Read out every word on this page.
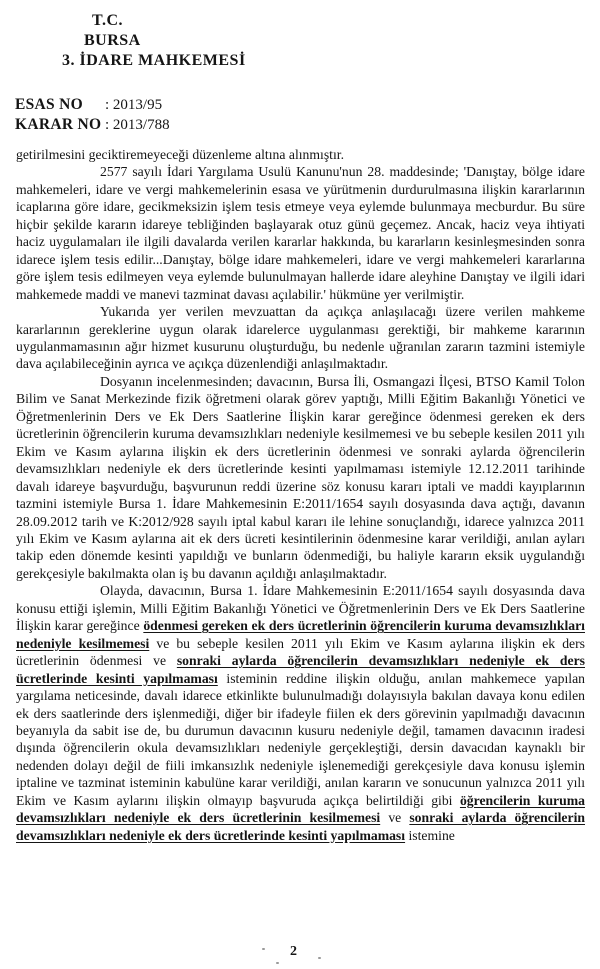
T.C.
BURSA
3. İDARE MAHKEMESİ
ESAS NO : 2013/95
KARAR NO : 2013/788

getirilmesini geciktiremeyeceği düzenleme altına alınmıştır.

2577 sayılı İdari Yargılama Usulü Kanunu'nun 28. maddesinde; 'Danıştay, bölge idare mahkemeleri, idare ve vergi mahkemelerinin esasa ve yürütmenin durdurulmasına ilişkin kararlarının icaplarına göre idare, gecikmeksizin işlem tesis etmeye veya eylemde bulunmaya mecburdur. Bu süre hiçbir şekilde kararın idareye tebliğinden başlayarak otuz günü geçemez. Ancak, haciz veya ihtiyati haciz uygulamaları ile ilgili davalarda verilen kararlar hakkında, bu kararların kesinleşmesinden sonra idarece işlem tesis edilir...Danıştay, bölge idare mahkemeleri, idare ve vergi mahkemeleri kararlarına göre işlem tesis edilmeyen veya eylemde bulunulmayan hallerde idare aleyhine Danıştay ve ilgili idari mahkemede maddi ve manevi tazminat davası açılabilir.' hükmüne yer verilmiştir.

Yukarıda yer verilen mevzuattan da açıkça anlaşılacağı üzere verilen mahkeme kararlarının gereklerine uygun olarak idarelerce uygulanması gerektiği, bir mahkeme kararının uygulanmamasının ağır hizmet kusurunu oluşturduğu, bu nedenle uğranılan zararın tazmini istemiyle dava açılabileceğinin ayrıca ve açıkça düzenlendiği anlaşılmaktadır.

Dosyanın incelenmesinden; davacının, Bursa İli, Osmangazi İlçesi, BTSO Kamil Tolon Bilim ve Sanat Merkezinde fizik öğretmeni olarak görev yaptığı, Milli Eğitim Bakanlığı Yönetici ve Öğretmenlerinin Ders ve Ek Ders Saatlerine İlişkin karar gereğince ödenmesi gereken ek ders ücretlerinin öğrencilerin kuruma devamsızlıkları nedeniyle kesilmemesi ve bu sebeple kesilen 2011 yılı Ekim ve Kasım aylarına ilişkin ek ders ücretlerinin ödenmesi ve sonraki aylarda öğrencilerin devamsızlıkları nedeniyle ek ders ücretlerinde kesinti yapılmaması istemiyle 12.12.2011 tarihinde davalı idareye başvurduğu, başvurunun reddi üzerine söz konusu kararı iptali ve maddi kayıplarının tazmini istemiyle Bursa 1. İdare Mahkemesinin E:2011/1654 sayılı dosyasında dava açtığı, davanın 28.09.2012 tarih ve K:2012/928 sayılı iptal kabul kararı ile lehine sonuçlandığı, idarece yalnızca 2011 yılı Ekim ve Kasım aylarına ait ek ders ücreti kesintilerinin ödenmesine karar verildiği, anılan ayları takip eden dönemde kesinti yapıldığı ve bunların ödenmediği, bu haliyle kararın eksik uygulandığı gerekçesiyle bakılmakta olan iş bu davanın açıldığı anlaşılmaktadır.

Olayda, davacının, Bursa 1. İdare Mahkemesinin E:2011/1654 sayılı dosyasında dava konusu ettiği işlemin, Milli Eğitim Bakanlığı Yönetici ve Öğretmenlerinin Ders ve Ek Ders Saatlerine İlişkin karar gereğince ödenmesi gereken ek ders ücretlerinin öğrencilerin kuruma devamsızlıkları nedeniyle kesilmemesi ve bu sebeple kesilen 2011 yılı Ekim ve Kasım aylarına ilişkin ek ders ücretlerinin ödenmesi ve sonraki aylarda öğrencilerin devamsızlıkları nedeniyle ek ders ücretlerinde kesinti yapılmaması isteminin reddine ilişkin olduğu, anılan mahkemece yapılan yargılama neticesinde, davalı idarece etkinlikte bulunulmadığı dolayısıyla bakılan davaya konu edilen ek ders saatlerinde ders işlenmediği, diğer bir ifadeyle fiilen ek ders görevinin yapılmadığı davacının beyanıyla da sabit ise de, bu durumun davacının kusuru nedeniyle değil, tamamen davacının iradesi dışında öğrencilerin okula devamsızlıkları nedeniyle gerçekleştiği, dersin davacıdan kaynaklı bir nedenden dolayı değil de fiili imkansızlık nedeniyle işlenemediği gerekçesiyle dava konusu işlemin iptaline ve tazminat isteminin kabulüne karar verildiği, anılan kararın ve sonucunun yalnızca 2011 yılı Ekim ve Kasım aylarını ilişkin olmayıp başvuruda açıkça belirtildiği gibi öğrencilerin kuruma devamsızlıkları nedeniyle ek ders ücretlerinin kesilmemesi ve sonraki aylarda öğrencilerin devamsızlıkları nedeniyle ek ders ücretlerinde kesinti yapılmaması istemine

2
